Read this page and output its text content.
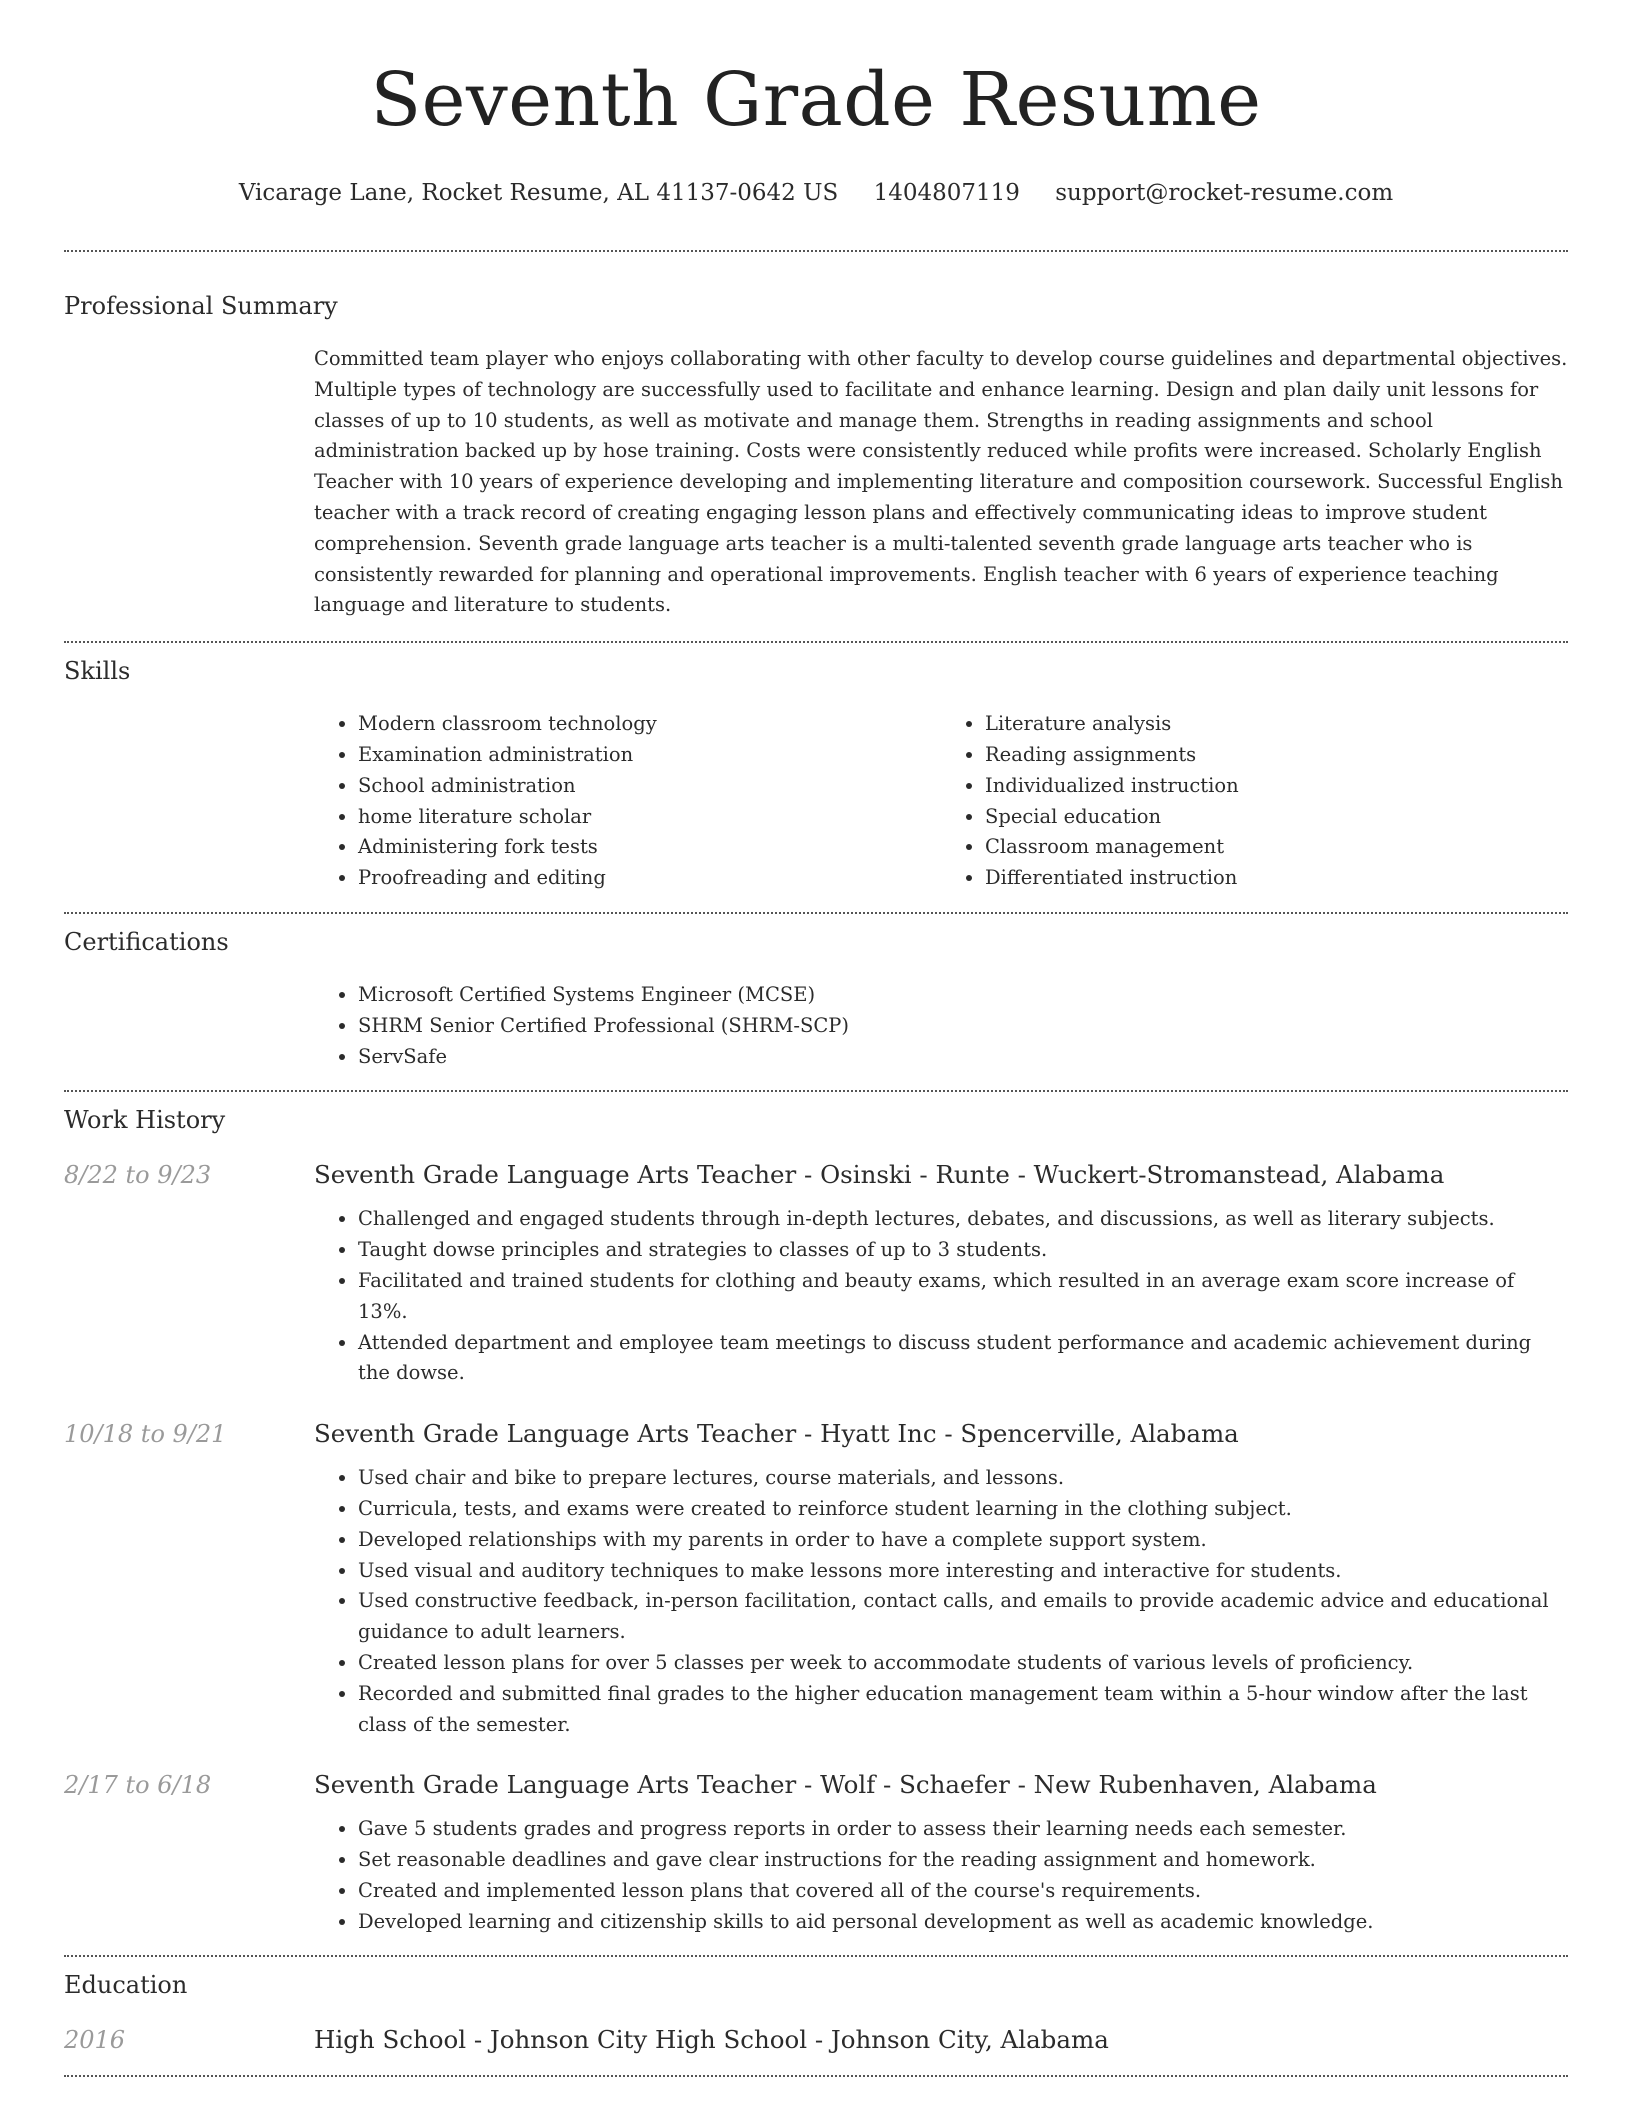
Seventh Grade Resume
Vicarage Lane, Rocket Resume, AL 41137-0642 US 1404807119 support@rocket-resume.com
Professional Summary

Committed team player who enjoys collaborating with other faculty to develop course guidelines and departmental objectives. Multiple types of technology are successfully used to facilitate and enhance learning. Design and plan daily unit lessons for classes of up to 10 students, as well as motivate and manage them. Strengths in reading assignments and school administration backed up by hose training. Costs were consistently reduced while profits were increased. Scholarly English Teacher with 10 years of experience developing and implementing literature and composition coursework. Successful English teacher with a track record of creating engaging lesson plans and effectively communicating ideas to improve student comprehension. Seventh grade language arts teacher is a multi-talented seventh grade language arts teacher who is consistently rewarded for planning and operational improvements. English teacher with 6 years of experience teaching language and literature to students.

Skills
• Modern classroom technology
• Examination administration
• School administration
• home literature scholar
• Administering fork tests
• Proofreading and editing
• Literature analysis
• Reading assignments
• Individualized instruction
• Special education
• Classroom management
• Differentiated instruction
Certifications
• Microsoft Certified Systems Engineer (MCSE)
• SHRM Senior Certified Professional (SHRM-SCP)
• ServSafe
Work History
8/22 to 9/23	Seventh Grade Language Arts Teacher - Osinski - Runte - Wuckert-Stromanstead, Alabama
• Challenged and engaged students through in-depth lectures, debates, and discussions, as well as literary subjects.
• Taught dowse principles and strategies to classes of up to 3 students.
• Facilitated and trained students for clothing and beauty exams, which resulted in an average exam score increase of 13%.
• Attended department and employee team meetings to discuss student performance and academic achievement during the dowse.
10/18 to 9/21	Seventh Grade Language Arts Teacher - Hyatt Inc - Spencerville, Alabama
• Used chair and bike to prepare lectures, course materials, and lessons.
• Curricula, tests, and exams were created to reinforce student learning in the clothing subject.
• Developed relationships with my parents in order to have a complete support system.
• Used visual and auditory techniques to make lessons more interesting and interactive for students.
• Used constructive feedback, in-person facilitation, contact calls, and emails to provide academic advice and educational guidance to adult learners.
• Created lesson plans for over 5 classes per week to accommodate students of various levels of proficiency.
• Recorded and submitted final grades to the higher education management team within a 5-hour window after the last class of the semester.
2/17 to 6/18	Seventh Grade Language Arts Teacher - Wolf - Schaefer - New Rubenhaven, Alabama
• Gave 5 students grades and progress reports in order to assess their learning needs each semester.
• Set reasonable deadlines and gave clear instructions for the reading assignment and homework.
• Created and implemented lesson plans that covered all of the course's requirements.
• Developed learning and citizenship skills to aid personal development as well as academic knowledge.
Education
2016	High School - Johnson City High School - Johnson City, Alabama
